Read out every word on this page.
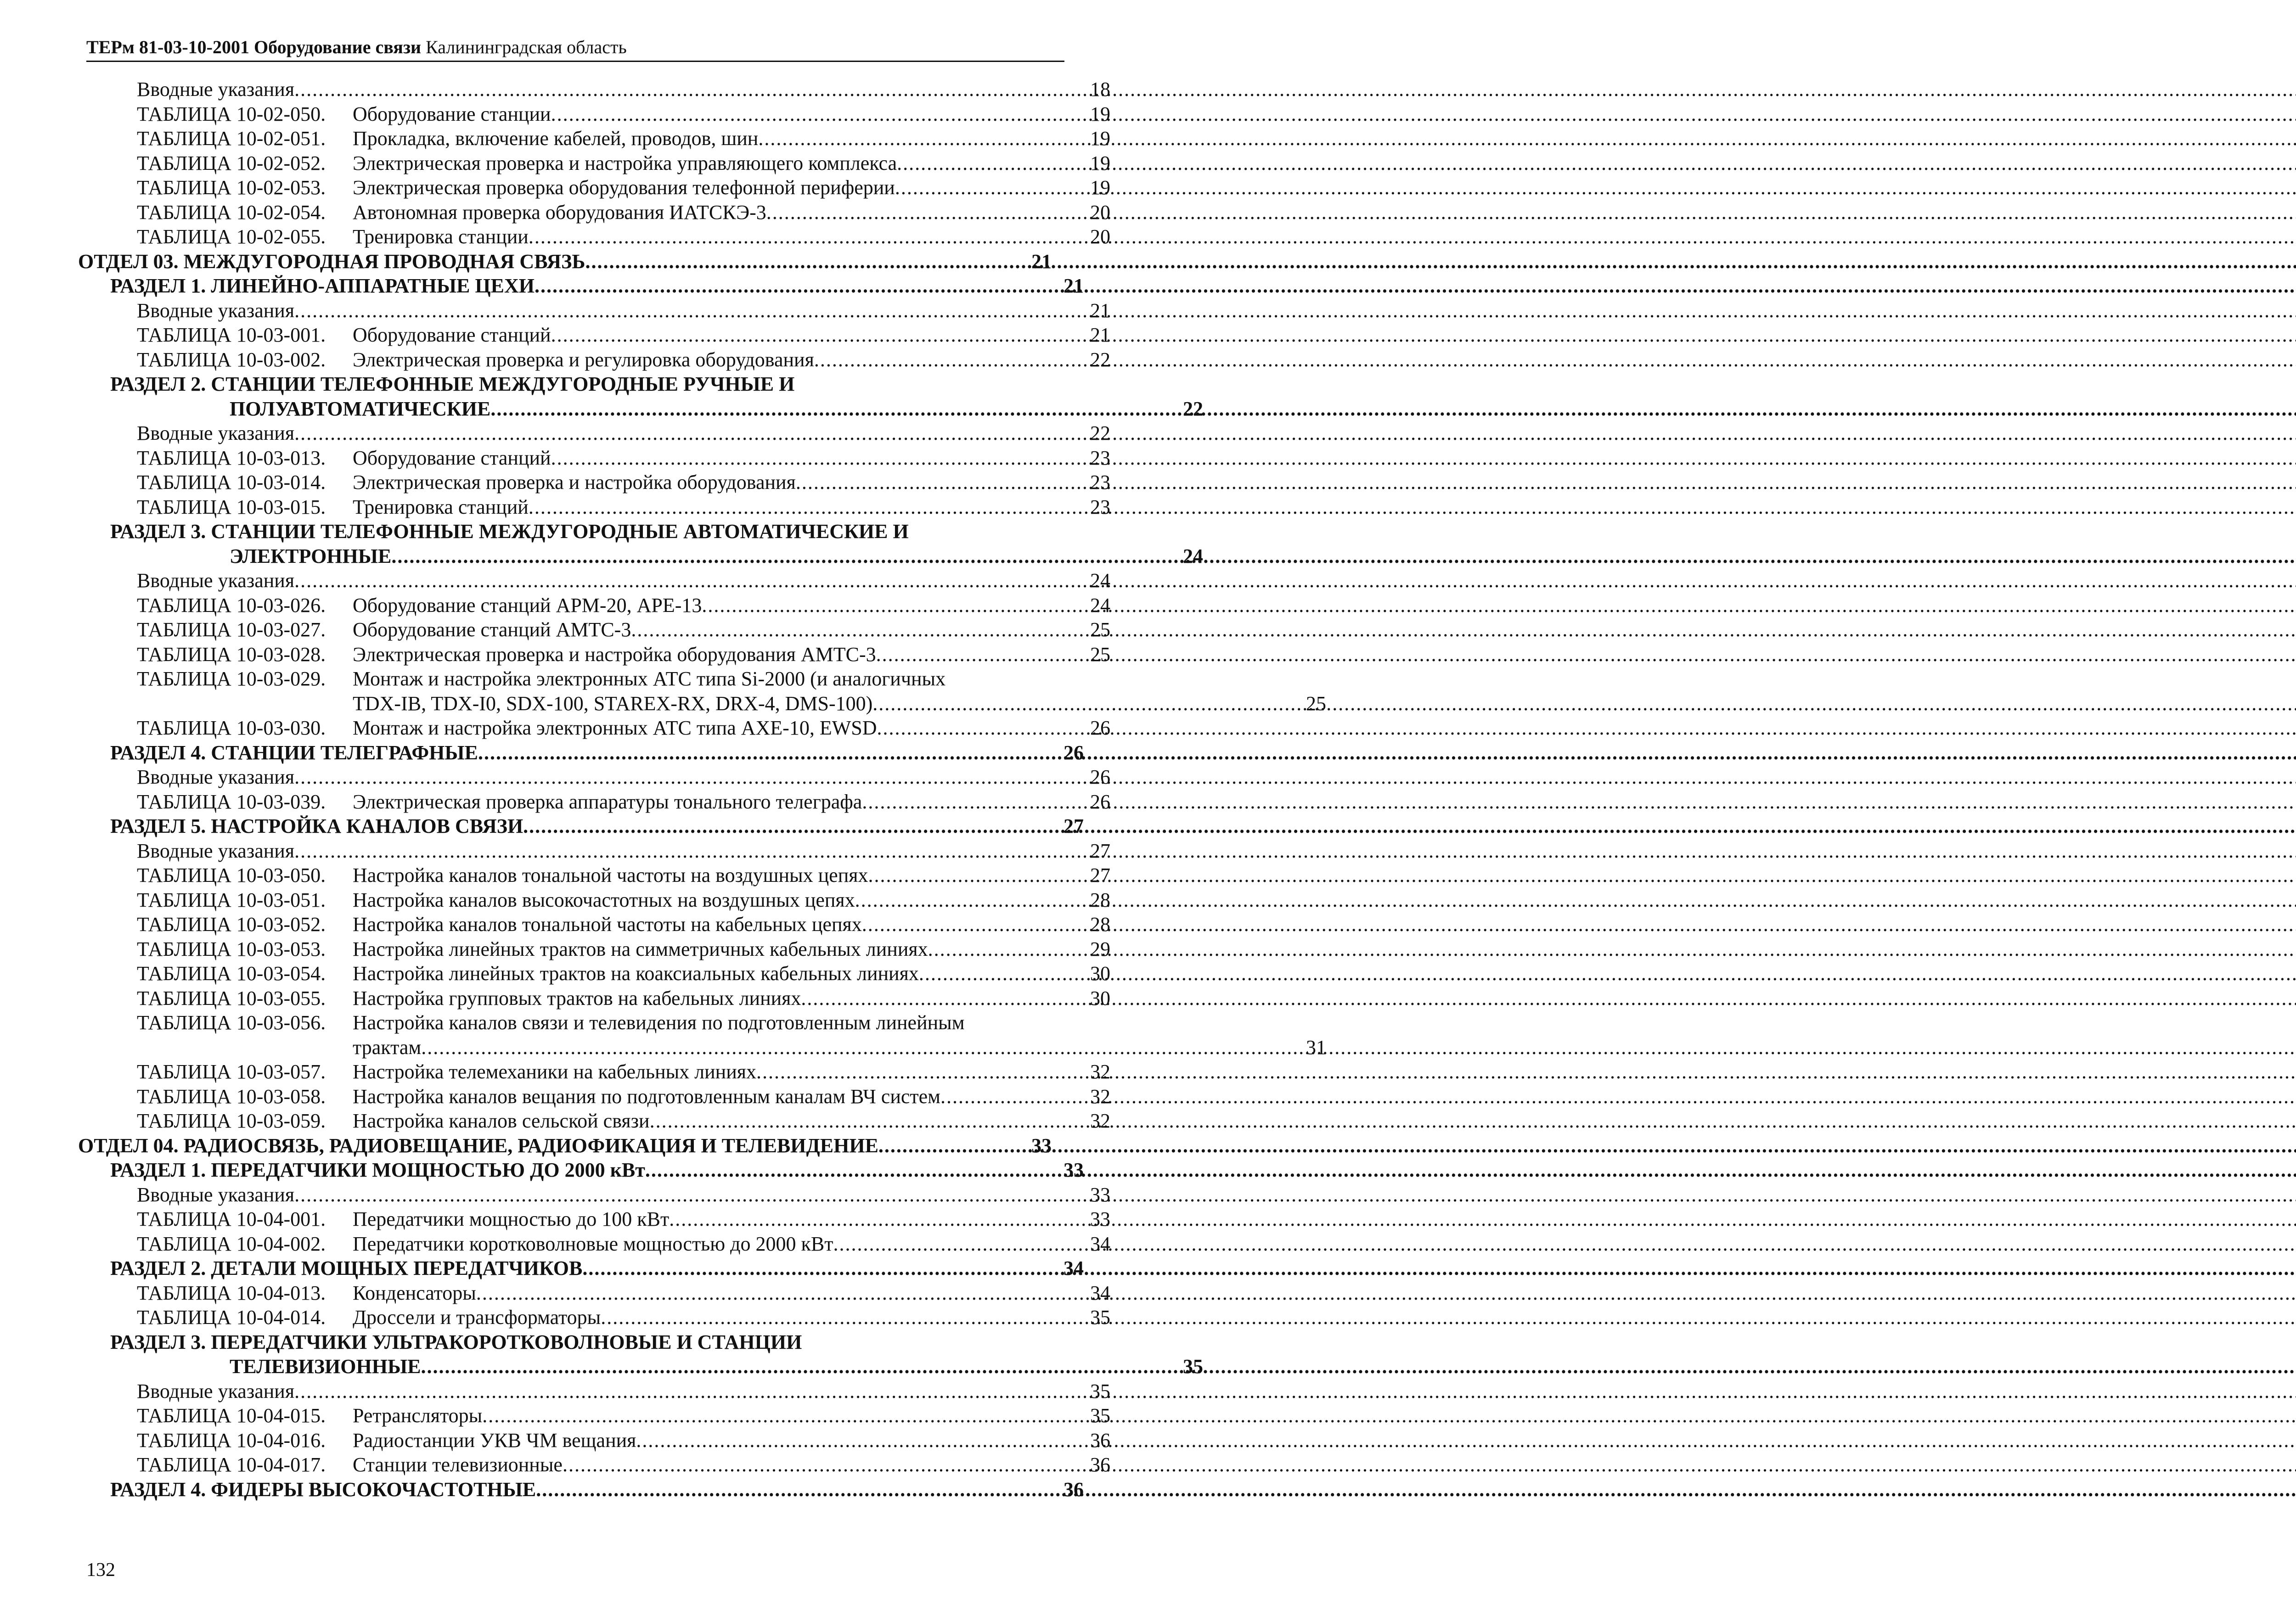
ТЕРм 81-03-10-2001 Оборудование связи Калининградская область
Вводные указания .....	18
ТАБЛИЦА 10-02-050. Оборудование станции .....	19
ТАБЛИЦА 10-02-051. Прокладка, включение кабелей, проводов, шин .....	19
ТАБЛИЦА 10-02-052. Электрическая проверка и настройка управляющего комплекса .....	19
ТАБЛИЦА 10-02-053. Электрическая проверка оборудования телефонной периферии .....	19
ТАБЛИЦА 10-02-054. Автономная проверка оборудования ИАТСКЭ-3 .....	20
ТАБЛИЦА 10-02-055. Тренировка станции .....	20
ОТДЕЛ 03. МЕЖДУГОРОДНАЯ ПРОВОДНАЯ СВЯЗЬ .....	21
РАЗДЕЛ 1. ЛИНЕЙНО-АППАРАТНЫЕ ЦЕХИ .....	21
Вводные указания .....	21
ТАБЛИЦА 10-03-001. Оборудование станций .....	21
ТАБЛИЦА 10-03-002. Электрическая проверка и регулировка оборудования .....	22
РАЗДЕЛ 2. СТАНЦИИ ТЕЛЕФОННЫЕ МЕЖДУГОРОДНЫЕ РУЧНЫЕ И
ПОЛУАВТОМАТИЧЕСКИЕ .....	22
Вводные указания .....	22
ТАБЛИЦА 10-03-013. Оборудование станций .....	23
ТАБЛИЦА 10-03-014. Электрическая проверка и настройка оборудования .....	23
ТАБЛИЦА 10-03-015. Тренировка станций .....	23
РАЗДЕЛ 3. СТАНЦИИ ТЕЛЕФОННЫЕ МЕЖДУГОРОДНЫЕ АВТОМАТИЧЕСКИЕ И
ЭЛЕКТРОННЫЕ .....	24
Вводные указания .....	24
ТАБЛИЦА 10-03-026. Оборудование станций АРМ-20, АРЕ-13 .....	24
ТАБЛИЦА 10-03-027. Оборудование станций АМТС-3 .....	25
ТАБЛИЦА 10-03-028. Электрическая проверка и настройка оборудования АМТС-3 .....	25
ТАБЛИЦА 10-03-029. Монтаж и настройка электронных АТС типа Si-2000 (и аналогичных
TDX-IB, TDX-I0, SDX-100, STAREX-RX, DRX-4, DMS-100) .....	25
ТАБЛИЦА 10-03-030. Монтаж и настройка электронных АТС типа АХЕ-10, EWSD .....	26
РАЗДЕЛ 4. СТАНЦИИ ТЕЛЕГРАФНЫЕ .....	26
Вводные указания .....	26
ТАБЛИЦА 10-03-039. Электрическая проверка аппаратуры тонального телеграфа .....	26
РАЗДЕЛ 5. НАСТРОЙКА КАНАЛОВ СВЯЗИ .....	27
Вводные указания .....	27
ТАБЛИЦА 10-03-050. Настройка каналов тональной частоты на воздушных цепях .....	27
ТАБЛИЦА 10-03-051. Настройка каналов высокочастотных на воздушных цепях .....	28
ТАБЛИЦА 10-03-052. Настройка каналов тональной частоты на кабельных цепях .....	28
ТАБЛИЦА 10-03-053. Настройка линейных трактов на симметричных кабельных линиях .....	29
ТАБЛИЦА 10-03-054. Настройка линейных трактов на коаксиальных кабельных линиях .....	30
ТАБЛИЦА 10-03-055. Настройка групповых трактов на кабельных линиях .....	30
ТАБЛИЦА 10-03-056. Настройка каналов связи и телевидения по подготовленным линейным
трактам .....	31
ТАБЛИЦА 10-03-057. Настройка телемеханики на кабельных линиях .....	32
ТАБЛИЦА 10-03-058. Настройка каналов вещания по подготовленным каналам ВЧ систем .....	32
ТАБЛИЦА 10-03-059. Настройка каналов сельской связи .....	32
ОТДЕЛ 04. РАДИОСВЯЗЬ, РАДИОВЕЩАНИЕ, РАДИОФИКАЦИЯ И ТЕЛЕВИДЕНИЕ .....	33
РАЗДЕЛ 1. ПЕРЕДАТЧИКИ МОЩНОСТЬЮ ДО 2000 кВт .....	33
Вводные указания .....	33
ТАБЛИЦА 10-04-001. Передатчики мощностью до 100 кВт .....	33
ТАБЛИЦА 10-04-002. Передатчики коротковолновые мощностью до 2000 кВт .....	34
РАЗДЕЛ 2. ДЕТАЛИ МОЩНЫХ ПЕРЕДАТЧИКОВ .....	34
ТАБЛИЦА 10-04-013. Конденсаторы .....	34
ТАБЛИЦА 10-04-014. Дроссели и трансформаторы .....	35
РАЗДЕЛ 3. ПЕРЕДАТЧИКИ УЛЬТРАКОРОТКОВОЛНОВЫЕ И СТАНЦИИ
ТЕЛЕВИЗИОННЫЕ .....	35
Вводные указания .....	35
ТАБЛИЦА 10-04-015. Ретрансляторы .....	35
ТАБЛИЦА 10-04-016. Радиостанции УКВ ЧМ вещания .....	36
ТАБЛИЦА 10-04-017. Станции телевизионные .....	36
РАЗДЕЛ 4. ФИДЕРЫ ВЫСОКОЧАСТОТНЫЕ .....	36
132
